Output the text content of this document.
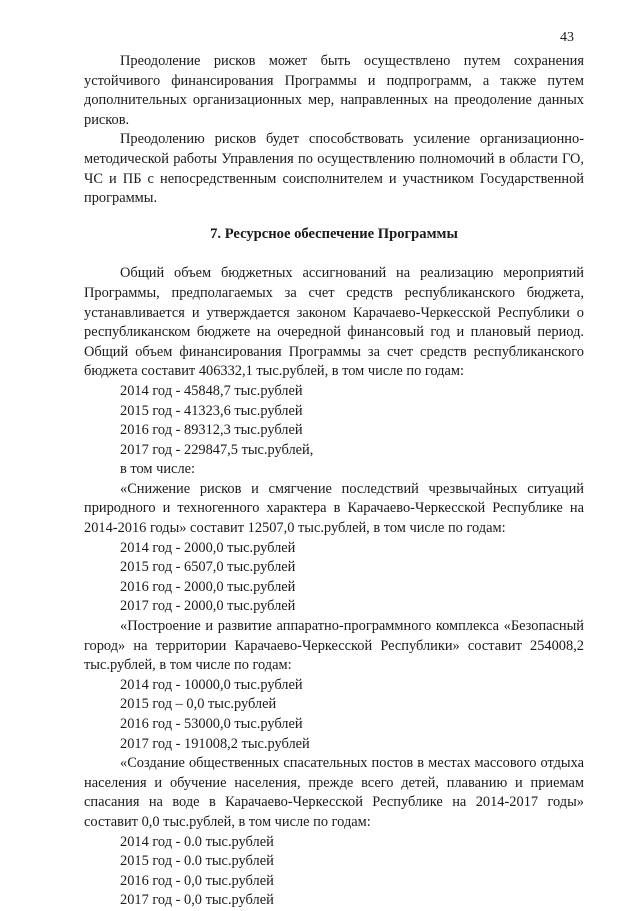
43

Преодоление рисков может быть осуществлено путем сохранения устойчивого финансирования Программы и подпрограмм, а также путем дополнительных организационных мер, направленных на преодоление данных рисков.

Преодолению рисков будет способствовать усиление организационно-методической работы Управления по осуществлению полномочий в области ГО, ЧС и ПБ с непосредственным соисполнителем и участником Государственной программы.

7. Ресурсное обеспечение Программы

Общий объем бюджетных ассигнований на реализацию мероприятий Программы, предполагаемых за счет средств республиканского бюджета, устанавливается и утверждается законом Карачаево-Черкесской Республики о республиканском бюджете на очередной финансовый год и плановый период. Общий объем финансирования Программы за счет средств республиканского бюджета составит 406332,1 тыс.рублей, в том числе по годам:

2014 год - 45848,7 тыс.рублей
2015 год - 41323,6 тыс.рублей
2016 год - 89312,3 тыс.рублей
2017 год - 229847,5 тыс.рублей,
в том числе:

«Снижение рисков и смягчение последствий чрезвычайных ситуаций природного и техногенного характера в Карачаево-Черкесской Республике на 2014-2016 годы» составит 12507,0 тыс.рублей, в том числе по годам:

2014 год - 2000,0 тыс.рублей
2015 год - 6507,0 тыс.рублей
2016 год - 2000,0 тыс.рублей
2017 год - 2000,0 тыс.рублей

«Построение и развитие аппаратно-программного комплекса «Безопасный город» на территории Карачаево-Черкесской Республики» составит 254008,2 тыс.рублей, в том числе по годам:

2014 год - 10000,0 тыс.рублей
2015 год – 0,0 тыс.рублей
2016 год - 53000,0 тыс.рублей
2017 год - 191008,2 тыс.рублей

«Создание общественных спасательных постов в местах массового отдыха населения и обучение населения, прежде всего детей, плаванию и приемам спасания на воде в Карачаево-Черкесской Республике на 2014-2017 годы» составит 0,0 тыс.рублей, в том числе по годам:

2014 год - 0.0 тыс.рублей
2015 год - 0.0 тыс.рублей
2016 год - 0,0 тыс.рублей
2017 год - 0,0 тыс.рублей
